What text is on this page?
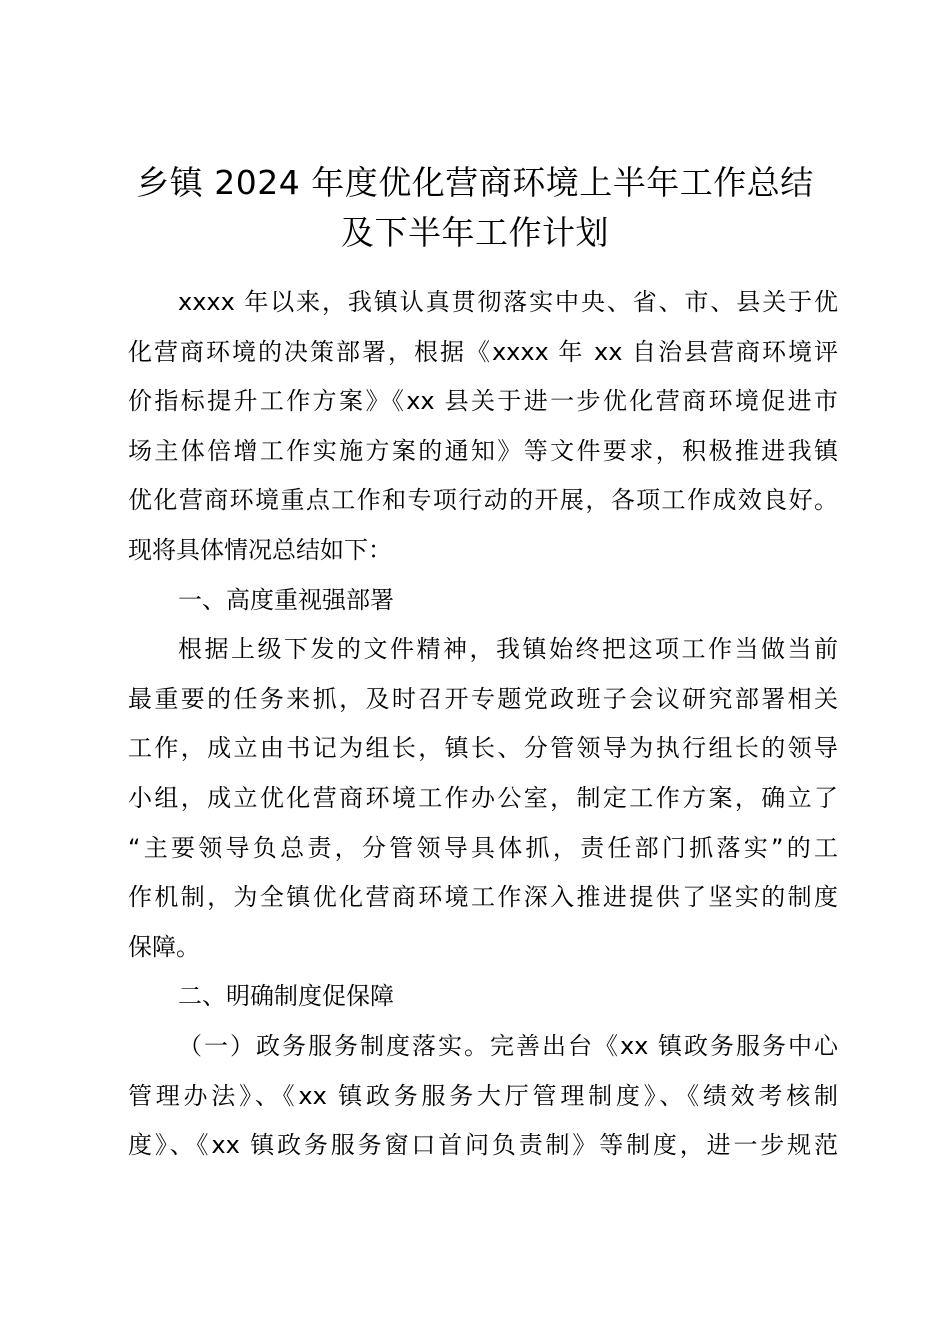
乡镇 2024 年度优化营商环境上半年工作总结
及下半年工作计划
xxxx 年以来，我镇认真贯彻落实中央、省、市、县关于优
化营商环境的决策部署，根据《xxxx 年 xx 自治县营商环境评
价指标提升工作方案》《xx 县关于进一步优化营商环境促进市
场主体倍增工作实施方案的通知》等文件要求，积极推进我镇
优化营商环境重点工作和专项行动的开展，各项工作成效良好。
现将具体情况总结如下：
一、高度重视强部署
根据上级下发的文件精神，我镇始终把这项工作当做当前
最重要的任务来抓，及时召开专题党政班子会议研究部署相关
工作，成立由书记为组长，镇长、分管领导为执行组长的领导
小组，成立优化营商环境工作办公室，制定工作方案，确立了
“主要领导负总责，分管领导具体抓，责任部门抓落实”的工
作机制，为全镇优化营商环境工作深入推进提供了坚实的制度
保障。
二、明确制度促保障
（一）政务服务制度落实。完善出台《xx 镇政务服务中心
管理办法》、《xx 镇政务服务大厅管理制度》、《绩效考核制
度》、《xx 镇政务服务窗口首问负责制》等制度，进一步规范
